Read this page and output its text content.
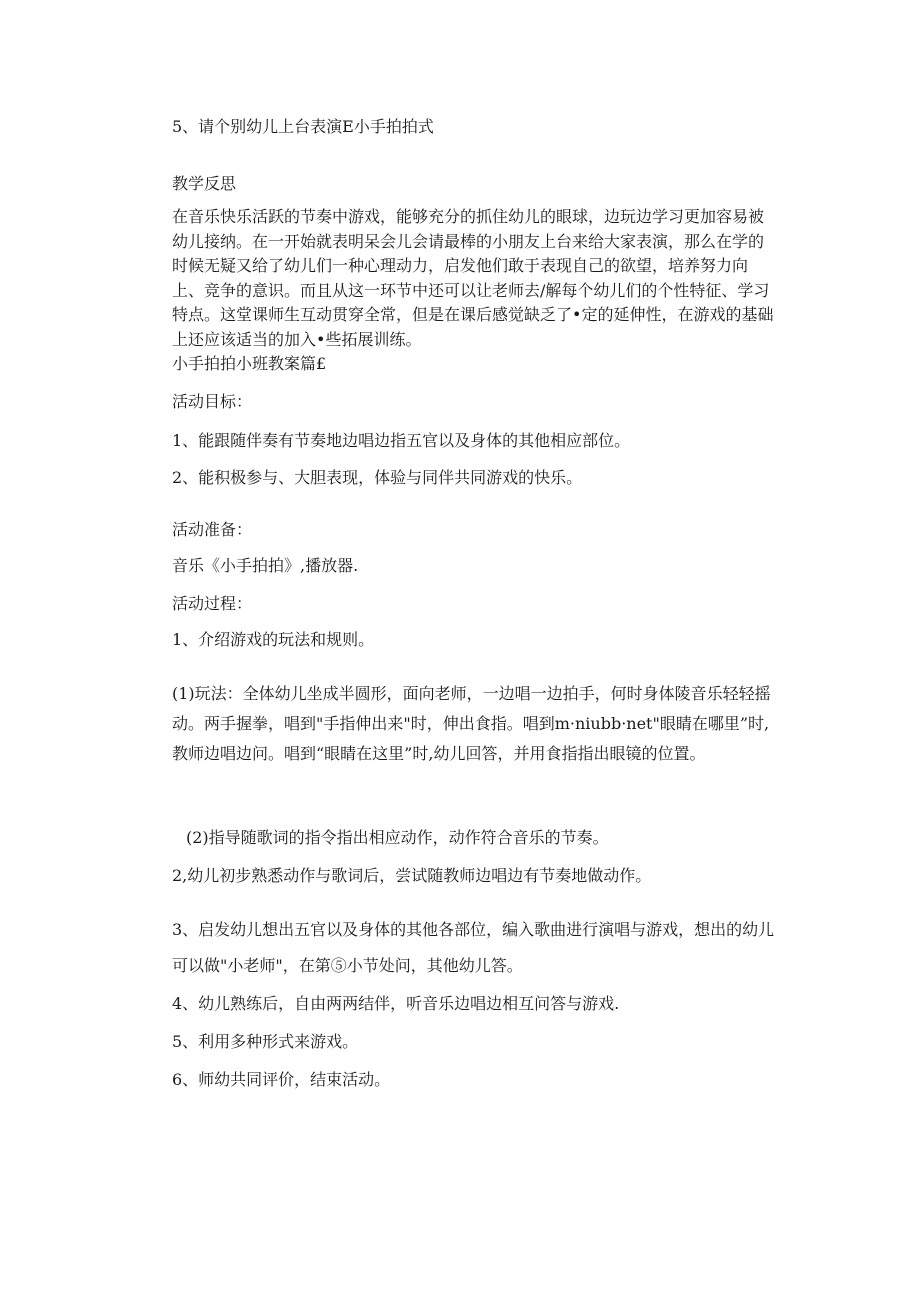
5、请个别幼儿上台表演E小手拍拍式

教学反思

在音乐快乐活跃的节奏中游戏，能够充分的抓住幼儿的眼球，边玩边学习更加容易被幼儿接纳。在一开始就表明呆会儿会请最棒的小朋友上台来给大家表演，那么在学的时候无疑又给了幼儿们一种心理动力，启发他们敢于表现自己的欲望，培养努力向上、竞争的意识。而且从这一环节中还可以让老师去/解每个幼儿们的个性特征、学习特点。这堂课师生互动贯穿全常，但是在课后感觉缺乏了•定的延伸性，在游戏的基础上还应该适当的加入•些拓展训练。

小手拍拍小班教案篇£

活动目标：

1、能跟随伴奏有节奏地边唱边指五官以及身体的其他相应部位。

2、能积极参与、大胆表现，体验与同伴共同游戏的快乐。

活动准备：

音乐《小手拍拍》,播放器.

活动过程：

1、介绍游戏的玩法和规则。

(1)玩法：全体幼儿坐成半圆形，面向老师，一边唱一边拍手，何时身体陵音乐轻轻摇动。两手握拳，唱到"手指伸出来"时，伸出食指。唱到m·niubb·net"眼睛在哪里”时,教师边唱边问。唱到“眼睛在这里”时,幼儿回答，并用食指指出眼镜的位置。

(2)指导随歌词的指令指出相应动作，动作符合音乐的节奏。

2,幼儿初步熟悉动作与歌词后，尝试随教师边唱边有节奏地做动作。

3、启发幼儿想出五官以及身体的其他各部位，编入歌曲进行演唱与游戏，想出的幼儿可以做"小老师"，在第⑤小节处问，其他幼儿答。

4、幼儿熟练后，自由两两结伴，听音乐边唱边相互问答与游戏.

5、利用多种形式来游戏。

6、师幼共同评价，结束活动。
